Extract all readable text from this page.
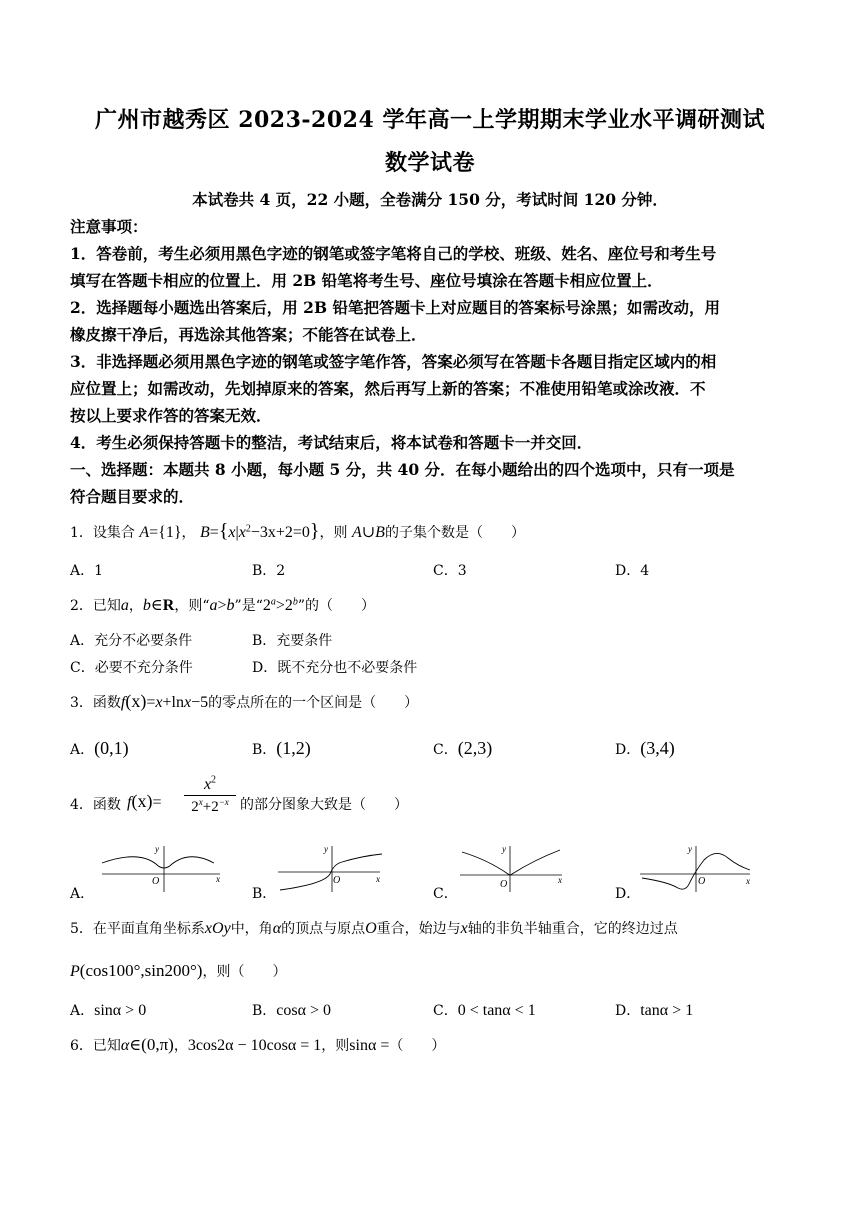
广州市越秀区 2023-2024 学年高一上学期期末学业水平调研测试
数学试卷
本试卷共 4 页，22 小题，全卷满分 150 分，考试时间 120 分钟．
注意事项：
1．答卷前，考生必须用黑色字迹的钢笔或签字笔将自己的学校、班级、姓名、座位号和考生号
填写在答题卡相应的位置上．用 2B 铅笔将考生号、座位号填涂在答题卡相应位置上．
2．选择题每小题选出答案后，用 2B 铅笔把答题卡上对应题目的答案标号涂黑；如需改动，用
橡皮擦干净后，再选涂其他答案；不能答在试卷上．
3．非选择题必须用黑色字迹的钢笔或签字笔作答，答案必须写在答题卡各题目指定区域内的相
应位置上；如需改动，先划掉原来的答案，然后再写上新的答案；不准使用铅笔或涂改液．不
按以上要求作答的答案无效．
4．考生必须保持答题卡的整洁，考试结束后，将本试卷和答题卡一并交回．
一、选择题：本题共 8 小题，每小题 5 分，共 40 分．在每小题给出的四个选项中，只有一项是
符合题目要求的．
1．设集合 A={1}， $B=\{x|x^2-3x+2=0\}$，则 A∪B的子集个数是（　　）
A．1	B．2	C．3	D．4
2．已知a，b∈R，则“a>b”是“$2^a>2^b$”的（　　）
A．充分不必要条件	B．充要条件
C．必要不充分条件	D．既不充分也不必要条件
3．函数f(x)=x+lnx−5的零点所在的一个区间是（　　）
A．(0,1)	B．(1,2)	C．(2,3)	D．(3,4)
4．函数 f(x)=
$x^2$
$2^x+2^{-x}$ 的部分图象大致是（　　）
A．
y
x
O
B．
y
x
O
C．
y
x
O
D．
y
x
O
5．在平面直角坐标系xOy中，角α的顶点与原点O重合，始边与x轴的非负半轴重合，它的终边过点
P(cos100°,sin200°)，则（　　）
A．sinα > 0	B．cosα > 0	C．0 < tanα < 1	D．tanα > 1
6．已知α∈(0,π)，3cos2α − 10cosα = 1，则sinα =（　　）
